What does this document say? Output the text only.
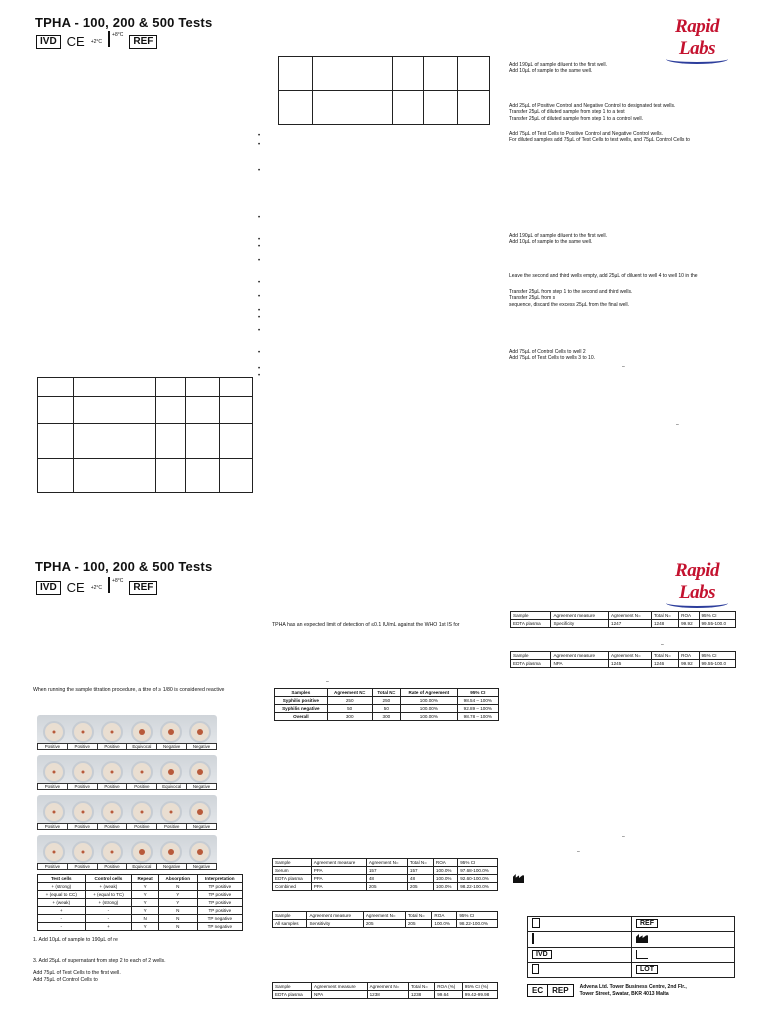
TPHA - 100, 200 & 500 Tests
IVD CE +2°C
+8°C
REF
Rapid Labs

Add 190µL of sample diluent to the first well.
Add 10µL of sample to the same well.
Add 25µL of Positive Control and Negative Control to designated test wells.
Transfer 25µL of diluted sample from step 1 to a test
Transfer 25µL of diluted sample from step 1 to a control well.
Add 75µL of Test Cells to Positive Control and Negative Control wells.
For diluted samples add 75µL of Test Cells to test wells, and 75µL Control Cells to
Add 190µL of sample diluent to the first well.
Add 10µL of sample to the same well.
Leave the second and third wells empty, add 25µL of diluent to well 4 to well 10 in the
Transfer 25µL from step 1 to the second and third wells.
Transfer 25µL from s
sequence, discard the excess 25µL from the final well.
Add 75µL of Control Cells to well 2
Add 75µL of Test Cells to wells 3 to 10.
–
–
•
•
•
•
•
•
•
•
•
•
•
•
•
•
•

TPHA - 100, 200 & 500 Tests
IVD CE +2°C
+8°C
REF
Rapid Labs
When running the sample titration procedure, a titre of ≥ 1/80 is considered reactive
Positive	Positive	Positive	Equivocal	Negative	Negative
Positive	Positive	Positive	Positive	Equivocal	Negative
Positive	Positive	Positive	Positive	Positive	Negative
Positive	Positive	Positive	Equivocal	Negative	Negative
Test cells	Control cells	Repeat	Absorption	Interpretation
+ (strong)	+ (weak)	Y	N	TP positive
+ (equal to CC)	+ (equal to TC)	Y	Y	TP positive
+ (weak)	+ (strong)	Y	Y	TP positive
+	-	Y	N	TP positive
-	-	N	N	TP negative
-	+	Y	N	TP negative
1. Add 10µL of sample to 190µL of re
3. Add 25µL of supernatant from step 2 to each of 2 wells.
Add 75µL of Test Cells to the first well.
Add 75µL of Control Cells to
TPHA has an expected limit of detection of ≤0.1 IU/mL against the WHO 1st IS for
–
Samples	Agreement N=	Total N=	Rate of Agreement	95% CI
Syphilis positive	250	250	100.00%	98.54 – 100%
Syphilis negative	50	50	100.00%	92.89 – 100%
Overall	300	300	100.00%	98.78 – 100%
Sample	Agreement measure	Agreement N=	Total N=	ROA	95% CI
EDTA plasma	Specificity	1247	1248	99.92	99.55-100.0
–
Sample	Agreement measure	Agreement N=	Total N=	ROA	95% CI
EDTA plasma	NPA	1245	1246	99.92	99.55-100.0
Sample	Agreement measure	Agreement N=	Total N=	ROA	95% CI
Serum	PPA	157	157	100.0%	97.68-100.0%
EDTA plasma	PPA	48	48	100.0%	92.60-100.0%
Combined	PPA	205	205	100.0%	98.22-100.0%
Sample	Agreement measure	Agreement N=	Total N=	ROA	95% CI
All samples	Sensitivity	205	205	100.0%	98.22-100.0%
Sample	Agreement measure	Agreement N=	Total N=	ROA (%)	95% CI (%)
EDTA plasma	NPA	1238	1238	99.64	99.42-99.98
–
–
	REF

IVD	
	LOT
EC	REP	Advena Ltd. Tower Business Centre, 2nd Flr.,
Tower Street, Swatar, BKR 4013 Malta
